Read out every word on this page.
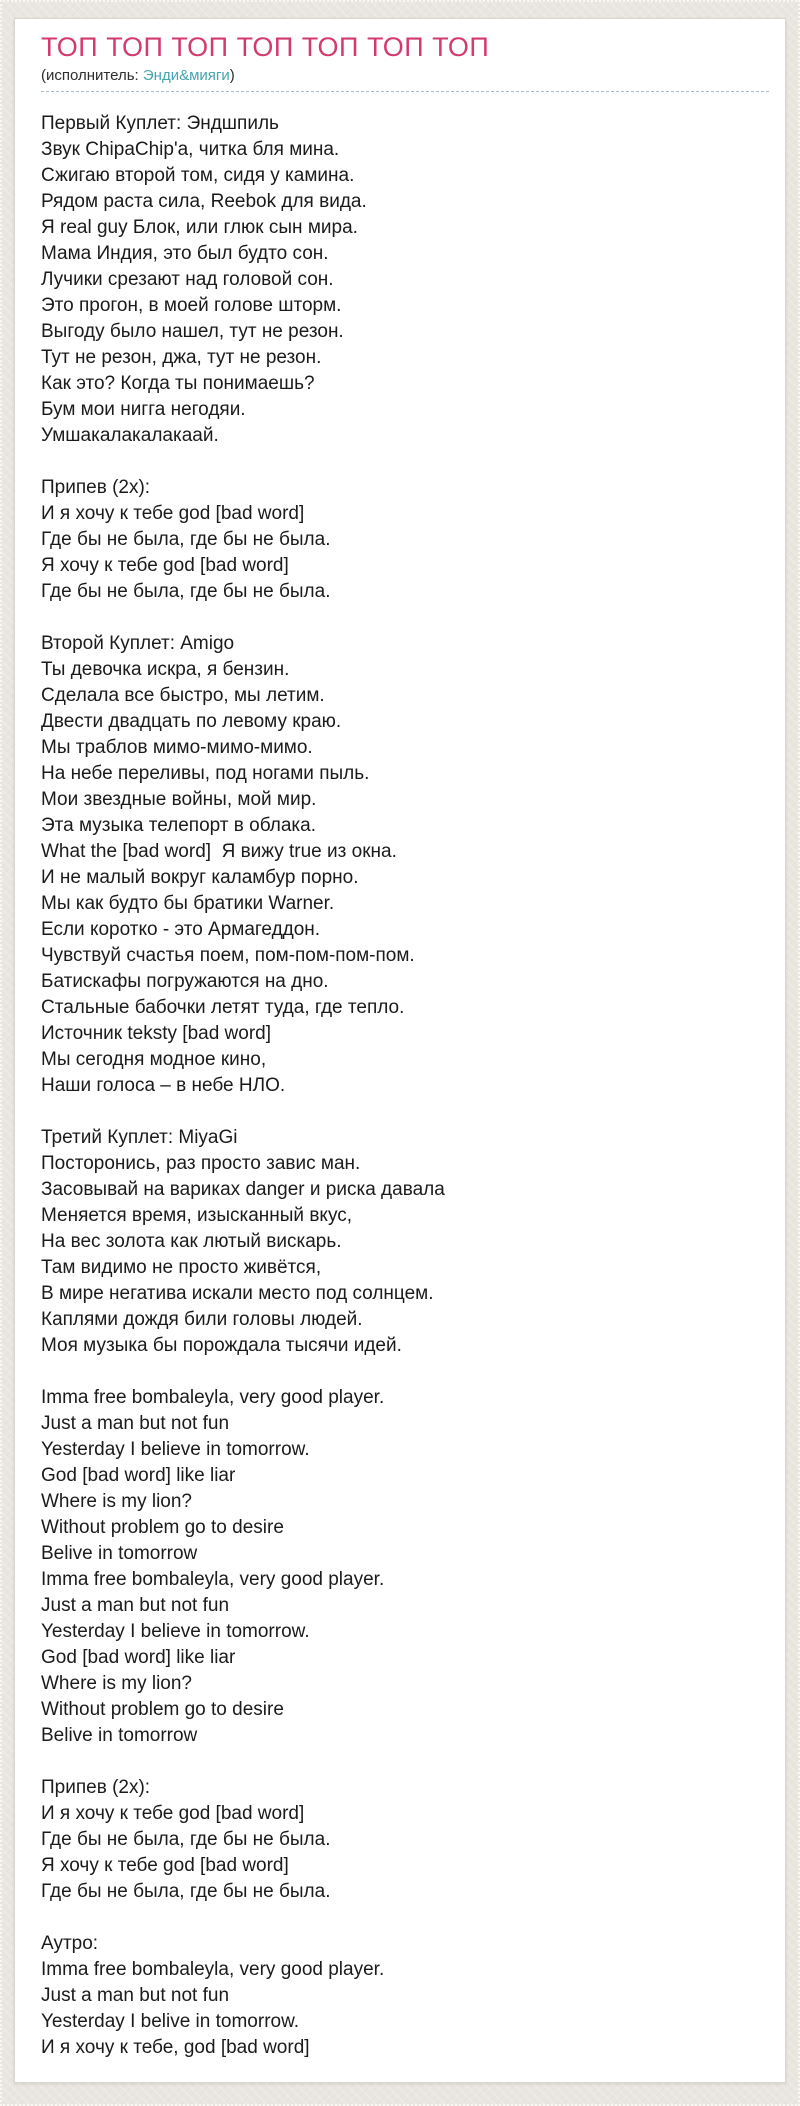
ТОП ТОП ТОП ТОП ТОП ТОП ТОП
(исполнитель: Энди&мияги)
Первый Куплет: Эндшпиль
Звук ChipaChip'а, читка бля мина.
Сжигаю второй том, сидя у камина.
Рядом раста сила, Reebok для вида.
Я real guy Блок, или глюк сын мира.
Мама Индия, это был будто сон.
Лучики срезают над головой сон.
Это прогон, в моей голове шторм.
Выгоду было нашел, тут не резон.
Тут не резон, джа, тут не резон.
Как это? Когда ты понимаешь?
Бум мои нигга негодяи.
Умшакалакалакаай.
Припев (2x):
И я хочу к тебе god [bad word]
Где бы не была, где бы не была.
Я хочу к тебе god [bad word]
Где бы не была, где бы не была.
Второй Куплет: Amigo
Ты девочка искра, я бензин.
Сделала все быстро, мы летим.
Двести двадцать по левому краю.
Мы траблов мимо-мимо-мимо.
На небе переливы, под ногами пыль.
Мои звездные войны, мой мир.
Эта музыка телепорт в облака.
What the [bad word]  Я вижу true из окна.
И не малый вокруг каламбур порно.
Мы как будто бы братики Warner.
Если коротко - это Армагеддон.
Чувствуй счастья поем, пом-пом-пом-пом.
Батискафы погружаются на дно.
Стальные бабочки летят туда, где тепло.
Источник teksty [bad word]
Мы сегодня модное кино,
Наши голоса – в небе НЛО.
Третий Куплет: MiyaGi
Посторонись, раз просто завис ман.
Засовывай на вариках danger и риска давала
Меняется время, изысканный вкус,
На вес золота как лютый вискарь.
Там видимо не просто живётся,
В мире негатива искали место под солнцем.
Каплями дождя били головы людей.
Моя музыка бы порождала тысячи идей.
Imma free bombaleyla, very good player.
Just a man but not fun
Yesterday I believe in tomorrow.
God [bad word] like liar
Where is my lion?
Without problem go to desire
Belive in tomorrow
Imma free bombaleyla, very good player.
Just a man but not fun
Yesterday I believe in tomorrow.
God [bad word] like liar
Where is my lion?
Without problem go to desire
Belive in tomorrow
Припев (2x):
И я хочу к тебе god [bad word]
Где бы не была, где бы не была.
Я хочу к тебе god [bad word]
Где бы не была, где бы не была.
Аутро:
Imma free bombaleyla, very good player.
Just a man but not fun
Yesterday I belive in tomorrow.
И я хочу к тебе, god [bad word]
